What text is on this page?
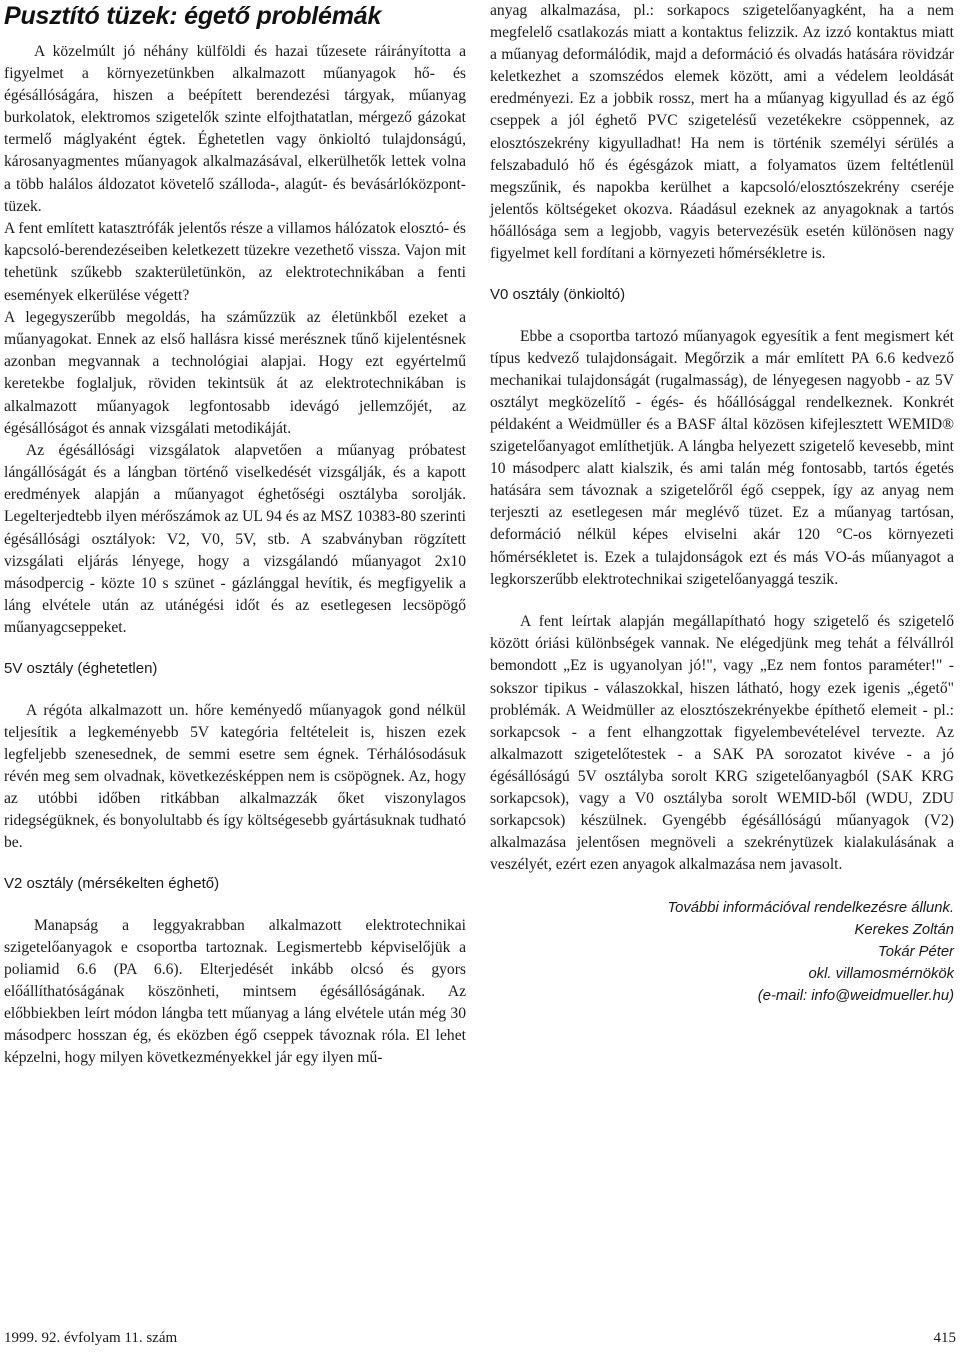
Pusztító tüzek: égető problémák

A közelmúlt jó néhány külföldi és hazai tűzesete ráirányította a figyelmet a környezetünkben alkalmazott műanyagok hő- és égésállóságára, hiszen a beépített berendezési tárgyak, műanyag burkolatok, elektromos szigetelők szinte elfojthatatlan, mérgező gázokat termelő máglyaként égtek. Éghetetlen vagy önkioltó tulajdonságú, károsanyagmentes műanyagok alkalmazásával, elkerülhetők lettek volna a több halálos áldozatot követelő szálloda-, alagút- és bevásárlóközpont-tüzek.

A fent említett katasztrófák jelentős része a villamos hálózatok elosztó- és kapcsoló-berendezéseiben keletkezett tüzekre vezethető vissza. Vajon mit tehetünk szűkebb szakterületünkön, az elektrotechnikában a fenti események elkerülése végett?

A legegyszerűbb megoldás, ha száműzzük az életünkből ezeket a műanyagokat. Ennek az első hallásra kissé merésznek tűnő kijelentésnek azonban megvannak a technológiai alapjai. Hogy ezt egyértelmű keretekbe foglaljuk, röviden tekintsük át az elektrotechnikában is alkalmazott műanyagok legfontosabb idevágó jellemzőjét, az égésállóságot és annak vizsgálati metodikáját.

Az égésállósági vizsgálatok alapvetően a műanyag próbatest lángállóságát és a lángban történő viselkedését vizsgálják, és a kapott eredmények alapján a műanyagot éghetőségi osztályba sorolják. Legelterjedtebb ilyen mérőszámok az UL 94 és az MSZ 10383-80 szerinti égésállósági osztályok: V2, V0, 5V, stb. A szabványban rögzített vizsgálati eljárás lényege, hogy a vizsgálandó műanyagot 2x10 másodpercig - közte 10 s szünet - gázlánggal hevítik, és megfigyelik a láng elvétele után az utánégési időt és az esetlegesen lecsöpögő műanyagcseppeket.

5V osztály (éghetetlen)

A régóta alkalmazott un. hőre keményedő műanyagok gond nélkül teljesítik a legkeményebb 5V kategória feltételeit is, hiszen ezek legfeljebb szenesednek, de semmi esetre sem égnek. Térhálósodásuk révén meg sem olvadnak, következésképpen nem is csöpögnek. Az, hogy az utóbbi időben ritkábban alkalmazzák őket viszonylagos ridegségüknek, és bonyolultabb és így költségesebb gyártásuknak tudható be.

V2 osztály (mérsékelten éghető)

Manapság a leggyakrabban alkalmazott elektrotechnikai szigetelőanyagok e csoportba tartoznak. Legismertebb képviselőjük a poliamid 6.6 (PA 6.6). Elterjedését inkább olcsó és gyors előállíthatóságának köszönheti, mintsem égésállóságának. Az előbbiekben leírt módon lángba tett műanyag a láng elvétele után még 30 másodperc hosszan ég, és eközben égő cseppek távoznak róla. El lehet képzelni, hogy milyen következményekkel jár egy ilyen mű-

anyag alkalmazása, pl.: sorkapocs szigetelőanyagként, ha a nem megfelelő csatlakozás miatt a kontaktus felizzik. Az izzó kontaktus miatt a műanyag deformálódik, majd a deformáció és olvadás hatására rövidzár keletkezhet a szomszédos elemek között, ami a védelem leoldását eredményezi. Ez a jobbik rossz, mert ha a műanyag kigyullad és az égő cseppek a jól éghető PVC szigetelésű vezetékekre csöppennek, az elosztószekrény kigyulladhat! Ha nem is történik személyi sérülés a felszabaduló hő és égésgázok miatt, a folyamatos üzem feltétlenül megszűnik, és napokba kerülhet a kapcsoló/elosztószekrény cseréje jelentős költségeket okozva. Ráadásul ezeknek az anyagoknak a tartós hőállósága sem a legjobb, vagyis betervezésük esetén különösen nagy figyelmet kell fordítani a környezeti hőmérsékletre is.

V0 osztály (önkioltó)

Ebbe a csoportba tartozó műanyagok egyesítik a fent megismert két típus kedvező tulajdonságait. Megőrzik a már említett PA 6.6 kedvező mechanikai tulajdonságát (rugalmasság), de lényegesen nagyobb - az 5V osztályt megközelítő - égés- és hőállósággal rendelkeznek. Konkrét példaként a Weidmüller és a BASF által közösen kifejlesztett WEMID® szigetelőanyagot említhetjük. A lángba helyezett szigetelő kevesebb, mint 10 másodperc alatt kialszik, és ami talán még fontosabb, tartós égetés hatására sem távoznak a szigetelőről égő cseppek, így az anyag nem terjeszti az esetlegesen már meglévő tüzet. Ez a műanyag tartósan, deformáció nélkül képes elviselni akár 120 °C-os környezeti hőmérsékletet is. Ezek a tulajdonságok ezt és más VO-ás műanyagot a legkorszerűbb elektrotechnikai szigetelőanyaggá teszik.

A fent leírtak alapján megállapítható hogy szigetelő és szigetelő között óriási különbségek vannak. Ne elégedjünk meg tehát a félvállról bemondott „Ez is ugyanolyan jó!", vagy „Ez nem fontos paraméter!" - sokszor tipikus - válaszokkal, hiszen látható, hogy ezek igenis „égető" problémák. A Weidmüller az elosztószekrényekbe építhető elemeit - pl.: sorkapcsok - a fent elhangzottak figyelembevételével tervezte. Az alkalmazott szigetelőtestek - a SAK PA sorozatot kivéve - a jó égésállóságú 5V osztályba sorolt KRG szigetelőanyagból (SAK KRG sorkapcsok), vagy a V0 osztályba sorolt WEMID-ből (WDU, ZDU sorkapcsok) készülnek. Gyengébb égésállóságú műanyagok (V2) alkalmazása jelentősen megnöveli a szekrénytüzek kialakulásának a veszélyét, ezért ezen anyagok alkalmazása nem javasolt.

További információval rendelkezésre állunk.
Kerekes Zoltán
Tokár Péter
okl. villamosmérnökök
(e-mail: info@weidmueller.hu)
1999. 92. évfolyam 11. szám	415
